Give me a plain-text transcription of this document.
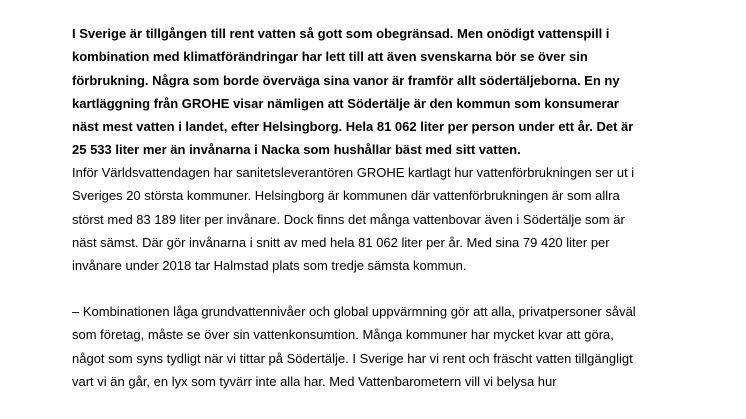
I Sverige är tillgången till rent vatten så gott som obegränsad. Men onödigt vattenspill i
kombination med klimatförändringar har lett till att även svenskarna bör se över sin
förbrukning. Några som borde överväga sina vanor är framför allt södertäljeborna. En ny
kartläggning från GROHE visar nämligen att Södertälje är den kommun som konsumerar
näst mest vatten i landet, efter Helsingborg. Hela 81 062 liter per person under ett år. Det är
25 533 liter mer än invånarna i Nacka som hushållar bäst med sitt vatten.

Inför Världsvattendagen har sanitetsleverantören GROHE kartlagt hur vattenförbrukningen ser ut i
Sveriges 20 största kommuner. Helsingborg är kommunen där vattenförbrukningen är som allra
störst med 83 189 liter per invånare. Dock finns det många vattenbovar även i Södertälje som är
näst sämst. Där gör invånarna i snitt av med hela 81 062 liter per år. Med sina 79 420 liter per
invånare under 2018 tar Halmstad plats som tredje sämsta kommun.

– Kombinationen låga grundvattennivåer och global uppvärmning gör att alla, privatpersoner såväl
som företag, måste se över sin vattenkonsumtion. Många kommuner har mycket kvar att göra,
något som syns tydligt när vi tittar på Södertälje. I Sverige har vi rent och fräscht vatten tillgängligt
vart vi än går, en lyx som tyvärr inte alla har. Med Vattenbarometern vill vi belysa hur
